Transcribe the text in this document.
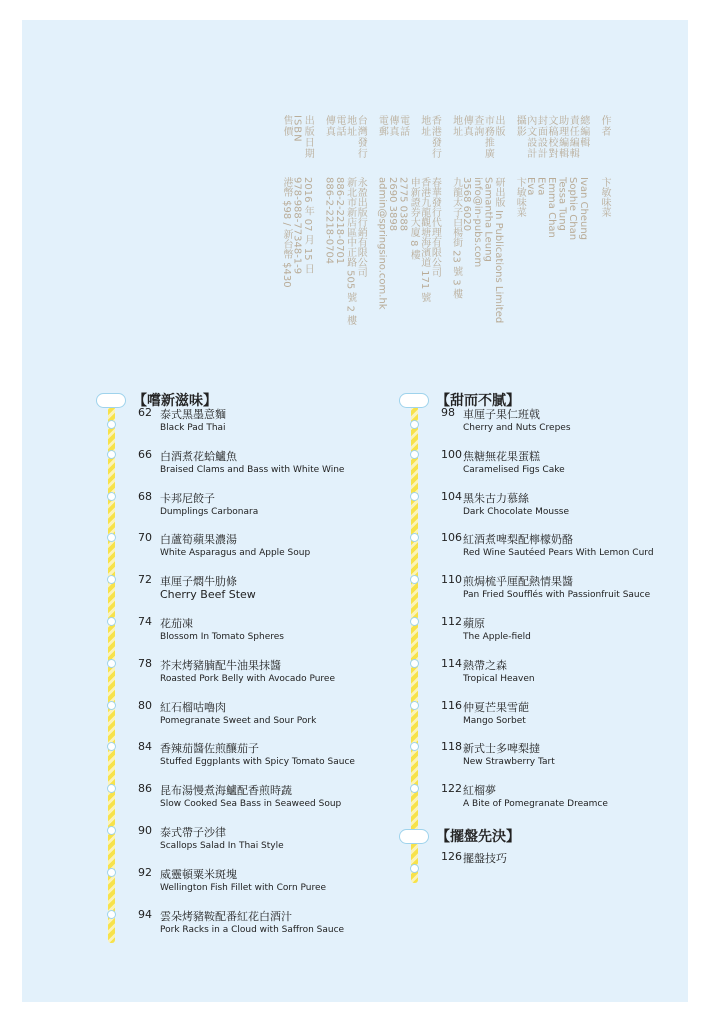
作者卞敏味菜
總編輯Ivan Cheung
責任編輯Sophie Chan
助理編輯Tessa Tung
文稿校對Emma Chan
封面設計Eva
內文設計Eva
攝影卞敏味菜
出版研出版 In Publications Limited
市務推廣Samantha Leung
查詢info@in-pubs.com
傳真3568 6020
地址九龍太子白楊街 23 號 3 樓
香港發行春華發行代理有限公司
地址香港九龍觀塘海濱道 171 號
申新證券大廈 8 樓
電話2775 0388
傳真2690 3898
電郵admin@springsino.com.hk
台灣發行永盈出版行銷有限公司
地址新北市新店區中正路 505 號 2 樓
電話886-2-2218-0701
傳真886-2-2218-0704
出版日期2016 年 07 月 15 日
ISBN978-988-77348-1-9
售價港幣 $98 / 新台幣 $430
【嚐新滋味】
62 泰式黑墨意麵
Black Pad Thai
66 白酒煮花蛤鱸魚
Braised Clams and Bass with White Wine
68 卡邦尼餃子
Dumplings Carbonara
70 白蘆筍蘋果濃湯
White Asparagus and Apple Soup
72 車厘子燜牛肋條
Cherry Beef Stew
74 花茄凍
Blossom In Tomato Spheres
78 芥末烤豬腩配牛油果抹醬
Roasted Pork Belly with Avocado Puree
80 紅石榴咕嚕肉
Pomegranate Sweet and Sour Pork
84 香辣茄醬佐煎釀茄子
Stuffed Eggplants with Spicy Tomato Sauce
86 昆布湯慢煮海鱸配香煎時蔬
Slow Cooked Sea Bass in Seaweed Soup
90 泰式帶子沙律
Scallops Salad In Thai Style
92 威靈頓粟米斑塊
Wellington Fish Fillet with Corn Puree
94 雲朵烤豬鞍配番紅花白酒汁
Pork Racks in a Cloud with Saffron Sauce
【甜而不膩】
98 車厘子果仁班戟
Cherry and Nuts Crepes
100 焦糖無花果蛋糕
Caramelised Figs Cake
104 黑朱古力慕絲
Dark Chocolate Mousse
106 紅酒煮啤梨配檸檬奶酪
Red Wine Sautéed Pears With Lemon Curd
110 煎焗梳乎厘配熱情果醬
Pan Fried Soufflés with Passionfruit Sauce
112 蘋原
The Apple-field
114 熱帶之森
Tropical Heaven
116 仲夏芒果雪葩
Mango Sorbet
118 新式士多啤梨撻
New Strawberry Tart
122 紅榴夢
A Bite of Pomegranate Dreamce
【擺盤先決】
126 擺盤技巧
